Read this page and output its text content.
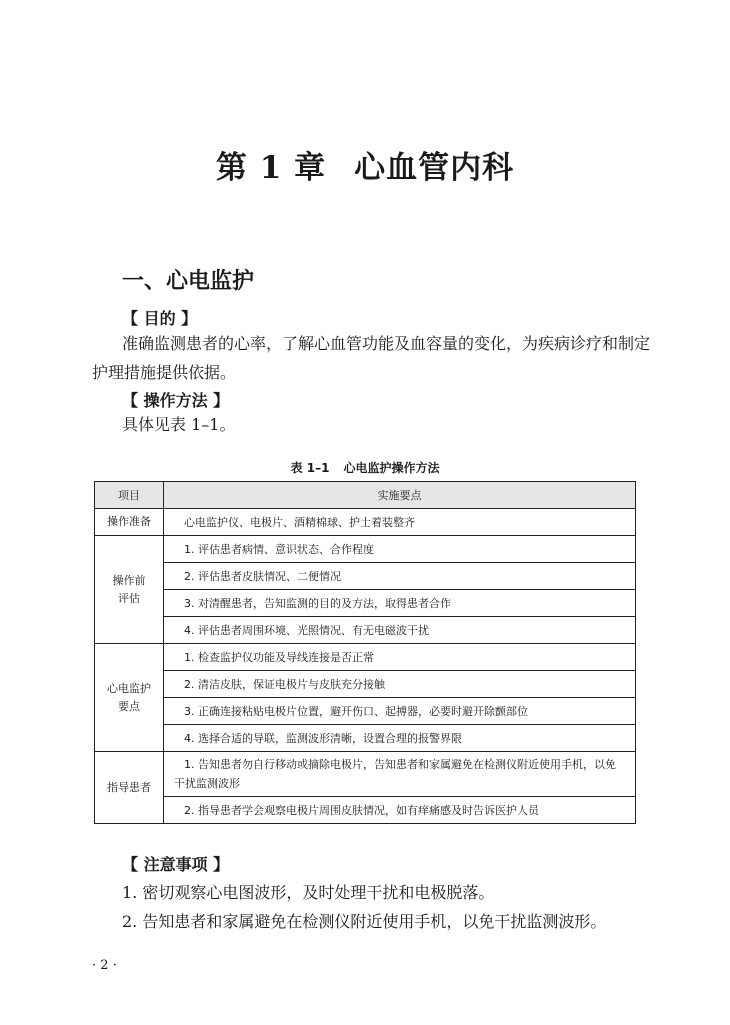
第 1 章 心血管内科
一、心电监护
【 目的 】
准确监测患者的心率，了解心血管功能及血容量的变化，为疾病诊疗和制定
护理措施提供依据。
【 操作方法 】
具体见表 1–1。
表 1–1 心电监护操作方法
项目	实施要点
操作准备	心电监护仪、电极片、酒精棉球、护士着装整齐
操作前
评估	1. 评估患者病情、意识状态、合作程度
	2. 评估患者皮肤情况、二便情况
	3. 对清醒患者，告知监测的目的及方法，取得患者合作
	4. 评估患者周围环境、光照情况、有无电磁波干扰
心电监护
要点	1. 检查监护仪功能及导线连接是否正常
	2. 清洁皮肤，保证电极片与皮肤充分接触
	3. 正确连接粘贴电极片位置，避开伤口、起搏器，必要时避开除颤部位
	4. 选择合适的导联，监测波形清晰，设置合理的报警界限
指导患者	1. 告知患者勿自行移动或摘除电极片，告知患者和家属避免在检测仪附近使用手机，以免干扰监测波形
	2. 指导患者学会观察电极片周围皮肤情况，如有痒痛感及时告诉医护人员
【 注意事项 】
1. 密切观察心电图波形，及时处理干扰和电极脱落。
2. 告知患者和家属避免在检测仪附近使用手机，以免干扰监测波形。
· 2 ·
